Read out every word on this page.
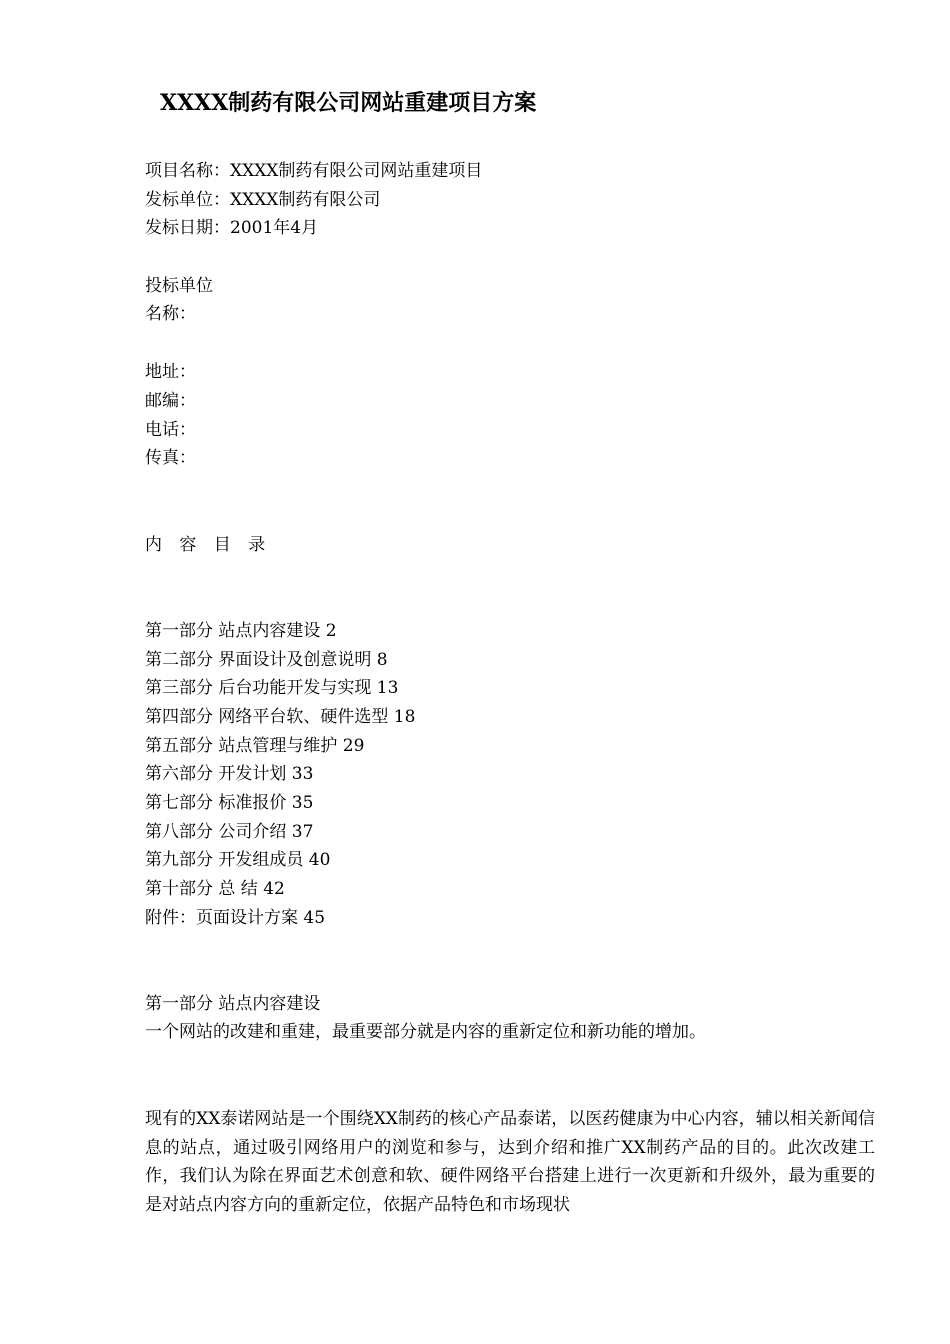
XXXX制药有限公司网站重建项目方案
项目名称：XXXX制药有限公司网站重建项目
发标单位：XXXX制药有限公司
发标日期：2001年4月
投标单位
名称：
地址：
邮编：
电话：
传真：
内 容 目 录
第一部分 站点内容建设 2
第二部分 界面设计及创意说明 8
第三部分 后台功能开发与实现 13
第四部分 网络平台软、硬件选型 18
第五部分 站点管理与维护 29
第六部分 开发计划 33
第七部分 标准报价 35
第八部分 公司介绍 37
第九部分 开发组成员 40
第十部分 总 结 42
附件：页面设计方案 45
第一部分 站点内容建设
一个网站的改建和重建，最重要部分就是内容的重新定位和新功能的增加。
现有的XX泰诺网站是一个围绕XX制药的核心产品泰诺，以医药健康为中心内容，辅以相关新闻信息的站点，通过吸引网络用户的浏览和参与，达到介绍和推广XX制药产品的目的。此次改建工作，我们认为除在界面艺术创意和软、硬件网络平台搭建上进行一次更新和升级外，最为重要的是对站点内容方向的重新定位，依据产品特色和市场现状
